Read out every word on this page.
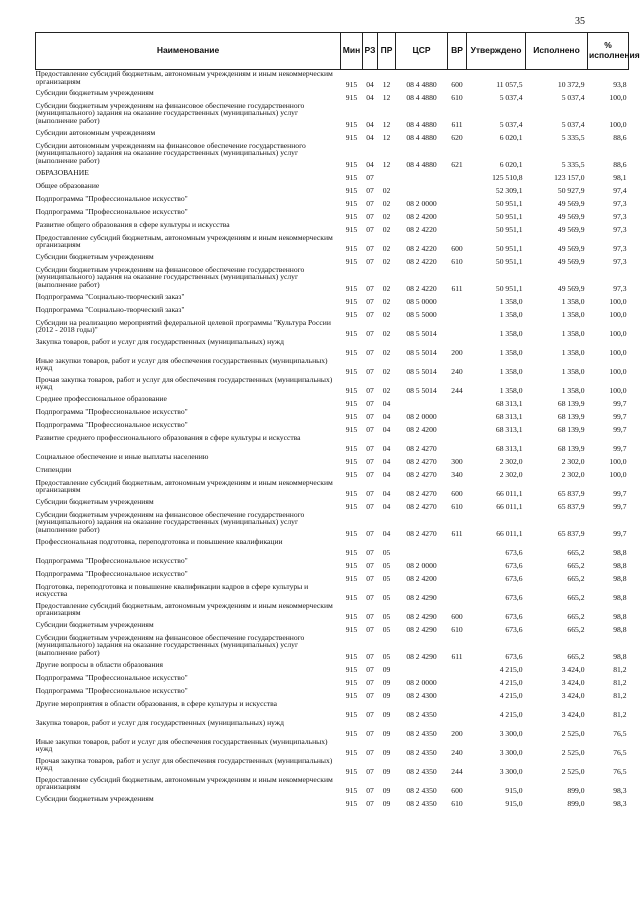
35
Наименование	Мин	РЗ	ПР	ЦСР	ВР	Утверждено	Исполнено	% исполнения
Предоставление субсидий бюджетным, автономным учреждениям и иным некоммерческим организациям	915	04	12	08 4 4880	600	11 057,5	10 372,9	93,8
Субсидии бюджетным учреждениям	915	04	12	08 4 4880	610	5 037,4	5 037,4	100,0
Субсидии бюджетным учреждениям на финансовое обеспечение государственного (муниципального) задания на оказание государственных (муниципальных) услуг (выполнение работ)	915	04	12	08 4 4880	611	5 037,4	5 037,4	100,0
Субсидии автономным учреждениям	915	04	12	08 4 4880	620	6 020,1	5 335,5	88,6
Субсидии автономным учреждениям на финансовое обеспечение государственного (муниципального) задания на оказание государственных (муниципальных) услуг (выполнение работ)	915	04	12	08 4 4880	621	6 020,1	5 335,5	88,6
ОБРАЗОВАНИЕ	915	07				125 510,8	123 157,0	98,1
Общее образование	915	07	02			52 309,1	50 927,9	97,4
Подпрограмма "Профессиональное искусство"	915	07	02	08 2 0000		50 951,1	49 569,9	97,3
Подпрограмма "Профессиональное искусство"	915	07	02	08 2 4200		50 951,1	49 569,9	97,3
Развитие общего образования в сфере культуры и искусства	915	07	02	08 2 4220		50 951,1	49 569,9	97,3
Предоставление субсидий бюджетным, автономным учреждениям и иным некоммерческим организациям	915	07	02	08 2 4220	600	50 951,1	49 569,9	97,3
Субсидии бюджетным учреждениям	915	07	02	08 2 4220	610	50 951,1	49 569,9	97,3
Субсидии бюджетным учреждениям на финансовое обеспечение государственного (муниципального) задания на оказание государственных (муниципальных) услуг (выполнение работ)	915	07	02	08 2 4220	611	50 951,1	49 569,9	97,3
Подпрограмма "Социально-творческий заказ"	915	07	02	08 5 0000		1 358,0	1 358,0	100,0
Подпрограмма "Социально-творческий заказ"	915	07	02	08 5 5000		1 358,0	1 358,0	100,0
Субсидии на реализацию мероприятий федеральной целевой программы "Культура России (2012 - 2018 годы)"	915	07	02	08 5 5014		1 358,0	1 358,0	100,0
Закупка товаров, работ и услуг для государственных (муниципальных) нужд	915	07	02	08 5 5014	200	1 358,0	1 358,0	100,0
Иные закупки товаров, работ и услуг для обеспечения государственных (муниципальных) нужд	915	07	02	08 5 5014	240	1 358,0	1 358,0	100,0
Прочая закупка товаров, работ и услуг для обеспечения государственных (муниципальных) нужд	915	07	02	08 5 5014	244	1 358,0	1 358,0	100,0
Среднее профессиональное образование	915	07	04			68 313,1	68 139,9	99,7
Подпрограмма "Профессиональное искусство"	915	07	04	08 2 0000		68 313,1	68 139,9	99,7
Подпрограмма "Профессиональное искусство"	915	07	04	08 2 4200		68 313,1	68 139,9	99,7
Развитие среднего профессионального образования в сфере культуры и искусства	915	07	04	08 2 4270		68 313,1	68 139,9	99,7
Социальное обеспечение и иные выплаты населению	915	07	04	08 2 4270	300	2 302,0	2 302,0	100,0
Стипендии	915	07	04	08 2 4270	340	2 302,0	2 302,0	100,0
Предоставление субсидий бюджетным, автономным учреждениям и иным некоммерческим организациям	915	07	04	08 2 4270	600	66 011,1	65 837,9	99,7
Субсидии бюджетным учреждениям	915	07	04	08 2 4270	610	66 011,1	65 837,9	99,7
Субсидии бюджетным учреждениям на финансовое обеспечение государственного (муниципального) задания на оказание государственных (муниципальных) услуг (выполнение работ)	915	07	04	08 2 4270	611	66 011,1	65 837,9	99,7
Профессиональная подготовка, переподготовка и повышение квалификации	915	07	05			673,6	665,2	98,8
Подпрограмма "Профессиональное искусство"	915	07	05	08 2 0000		673,6	665,2	98,8
Подпрограмма "Профессиональное искусство"	915	07	05	08 2 4200		673,6	665,2	98,8
Подготовка, переподготовка и повышение квалификации кадров в сфере культуры и искусства	915	07	05	08 2 4290		673,6	665,2	98,8
Предоставление субсидий бюджетным, автономным учреждениям и иным некоммерческим организациям	915	07	05	08 2 4290	600	673,6	665,2	98,8
Субсидии бюджетным учреждениям	915	07	05	08 2 4290	610	673,6	665,2	98,8
Субсидии бюджетным учреждениям на финансовое обеспечение государственного (муниципального) задания на оказание государственных (муниципальных) услуг (выполнение работ)	915	07	05	08 2 4290	611	673,6	665,2	98,8
Другие вопросы в области образования	915	07	09			4 215,0	3 424,0	81,2
Подпрограмма "Профессиональное искусство"	915	07	09	08 2 0000		4 215,0	3 424,0	81,2
Подпрограмма "Профессиональное искусство"	915	07	09	08 2 4300		4 215,0	3 424,0	81,2
Другие мероприятия в области образования, в сфере культуры и искусства	915	07	09	08 2 4350		4 215,0	3 424,0	81,2
Закупка товаров, работ и услуг для государственных (муниципальных) нужд	915	07	09	08 2 4350	200	3 300,0	2 525,0	76,5
Иные закупки товаров, работ и услуг для обеспечения государственных (муниципальных) нужд	915	07	09	08 2 4350	240	3 300,0	2 525,0	76,5
Прочая закупка товаров, работ и услуг для обеспечения государственных (муниципальных) нужд	915	07	09	08 2 4350	244	3 300,0	2 525,0	76,5
Предоставление субсидий бюджетным, автономным учреждениям и иным некоммерческим организациям	915	07	09	08 2 4350	600	915,0	899,0	98,3
Субсидии бюджетным учреждениям	915	07	09	08 2 4350	610	915,0	899,0	98,3
